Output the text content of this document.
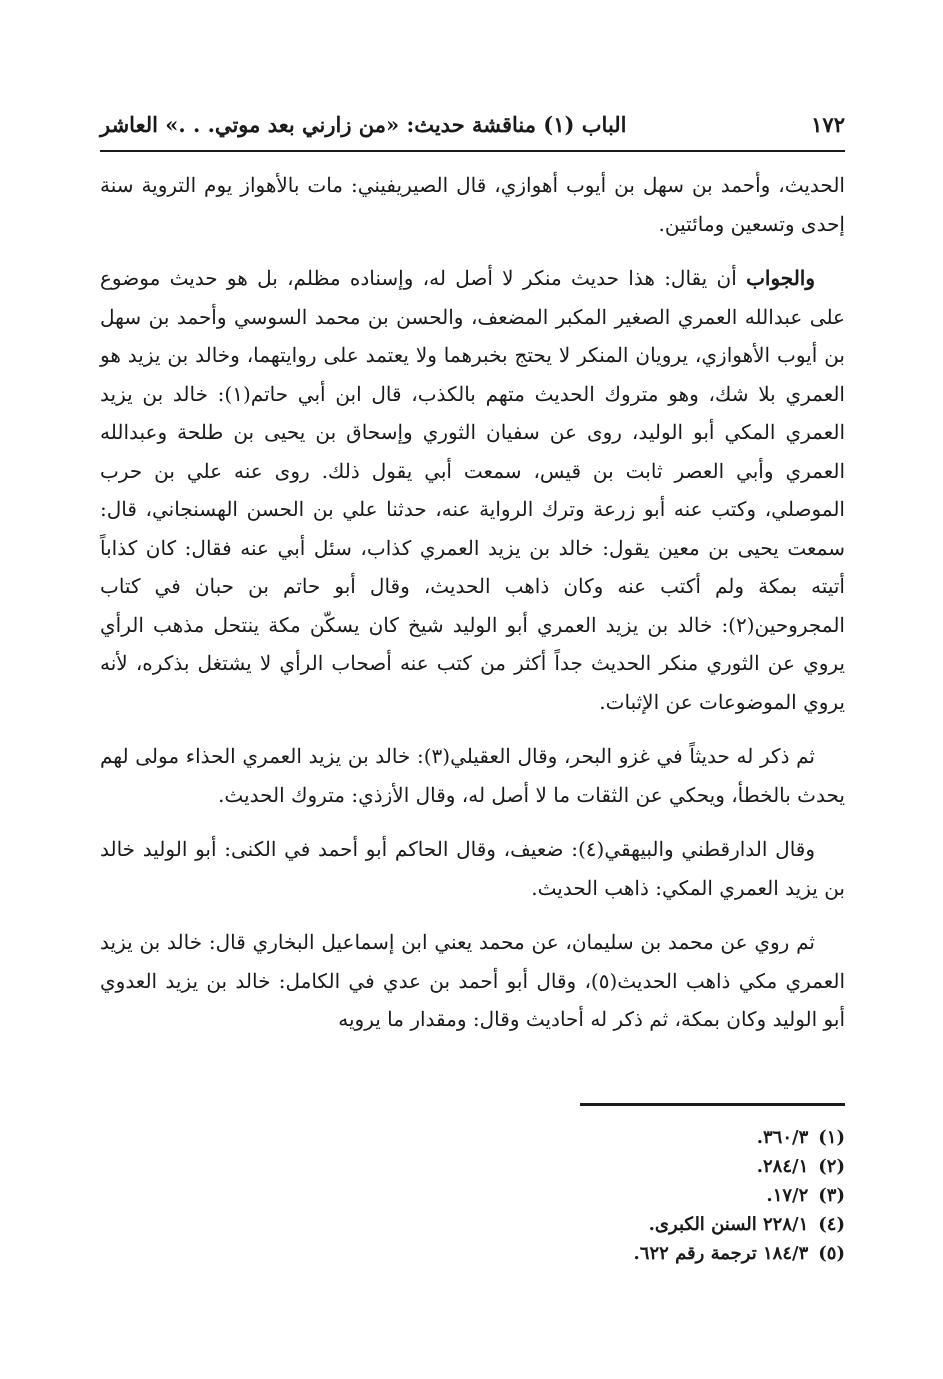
١٧٢
الباب (١) مناقشة حديث: «من زارني بعد موتي. . .» العاشر

الحديث، وأحمد بن سهل بن أيوب أهوازي، قال الصيريفيني: مات بالأهواز يوم التروية سنة إحدى وتسعين ومائتين.

والجواب أن يقال: هذا حديث منكر لا أصل له، وإسناده مظلم، بل هو حديث موضوع على عبدالله العمري الصغير المكبر المضعف، والحسن بن محمد السوسي وأحمد بن سهل بن أيوب الأهوازي، يرويان المنكر لا يحتج بخبرهما ولا يعتمد على روايتهما، وخالد بن يزيد هو العمري بلا شك، وهو متروك الحديث متهم بالكذب، قال ابن أبي حاتم(١): خالد بن يزيد العمري المكي أبو الوليد، روى عن سفيان الثوري وإسحاق بن يحيى بن طلحة وعبدالله العمري وأبي العصر ثابت بن قيس، سمعت أبي يقول ذلك. روى عنه علي بن حرب الموصلي، وكتب عنه أبو زرعة وترك الرواية عنه، حدثنا علي بن الحسن الهسنجاني، قال: سمعت يحيى بن معين يقول: خالد بن يزيد العمري كذاب، سئل أبي عنه فقال: كان كذاباً أتيته بمكة ولم أكتب عنه وكان ذاهب الحديث، وقال أبو حاتم بن حبان في كتاب المجروحين(٢): خالد بن يزيد العمري أبو الوليد شيخ كان يسكّن مكة ينتحل مذهب الرأي يروي عن الثوري منكر الحديث جداً أكثر من كتب عنه أصحاب الرأي لا يشتغل بذكره، لأنه يروي الموضوعات عن الإثبات.

ثم ذكر له حديثاً في غزو البحر، وقال العقيلي(٣): خالد بن يزيد العمري الحذاء مولى لهم يحدث بالخطأ، ويحكي عن الثقات ما لا أصل له، وقال الأزذي: متروك الحديث.

وقال الدارقطني والبيهقي(٤): ضعيف، وقال الحاكم أبو أحمد في الكنى: أبو الوليد خالد بن يزيد العمري المكي: ذاهب الحديث.

ثم روي عن محمد بن سليمان، عن محمد يعني ابن إسماعيل البخاري قال: خالد بن يزيد العمري مكي ذاهب الحديث(٥)، وقال أبو أحمد بن عدي في الكامل: خالد بن يزيد العدوي أبو الوليد وكان بمكة، ثم ذكر له أحاديث وقال: ومقدار ما يرويه

(١)٣٦٠/٣.
(٢)٢٨٤/١.
(٣)١٧/٢.
(٤)٢٢٨/١ السنن الكبرى.
(٥)١٨٤/٣ ترجمة رقم ٦٢٢.
